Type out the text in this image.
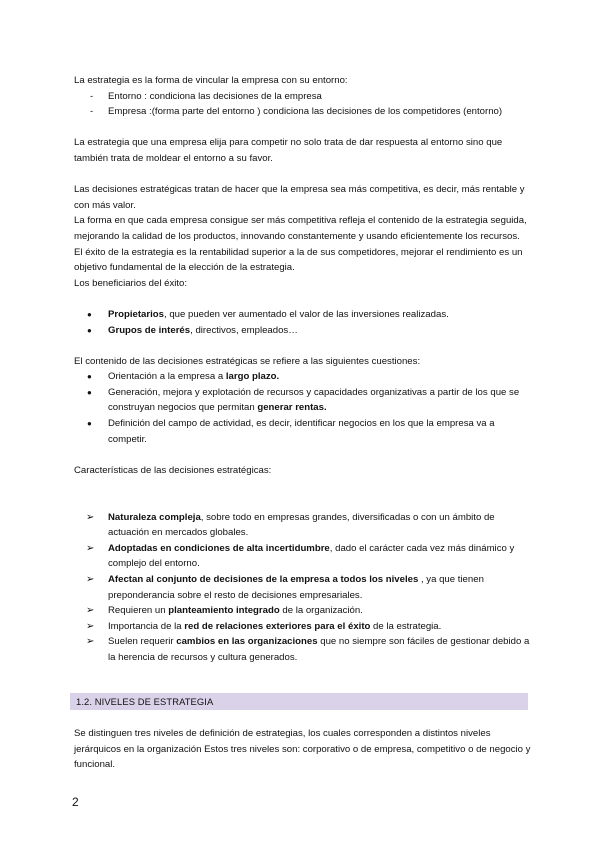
La estrategia es la forma de vincular la empresa con su entorno:

- Entorno : condiciona las decisiones de la empresa
- Empresa :(forma parte del entorno ) condiciona las decisiones de los competidores (entorno)

La estrategia que una empresa elija para competir no solo trata de dar respuesta al entorno sino que también trata de moldear el entorno a su favor.

Las decisiones estratégicas tratan de hacer que la empresa sea más competitiva, es decir, más rentable y con más valor.

La forma en que cada empresa consigue ser más competitiva refleja el contenido de la estrategia seguida, mejorando la calidad de los productos, innovando constantemente y usando eficientemente los recursos.

El éxito de la estrategia es la rentabilidad superior a la de sus competidores, mejorar el rendimiento es un objetivo fundamental de la elección de la estrategia.

Los beneficiarios del éxito:

● Propietarios, que pueden ver aumentado el valor de las inversiones realizadas.
● Grupos de interés, directivos, empleados…

El contenido de las decisiones estratégicas se refiere a las siguientes cuestiones:

● Orientación a la empresa a largo plazo.
● Generación, mejora y explotación de recursos y capacidades organizativas a partir de los que se construyan negocios que permitan generar rentas.
● Definición del campo de actividad, es decir, identificar negocios en los que la empresa va a competir.

Características de las decisiones estratégicas:

➢ Naturaleza compleja, sobre todo en empresas grandes, diversificadas o con un ámbito de actuación en mercados globales.
➢ Adoptadas en condiciones de alta incertidumbre, dado el carácter cada vez más dinámico y complejo del entorno.
➢ Afectan al conjunto de decisiones de la empresa a todos los niveles , ya que tienen preponderancia sobre el resto de decisiones empresariales.
➢ Requieren un planteamiento integrado de la organización.
➢ Importancia de la red de relaciones exteriores para el éxito de la estrategia.
➢ Suelen requerir cambios en las organizaciones que no siempre son fáciles de gestionar debido a la herencia de recursos y cultura generados.
1.2. NIVELES DE ESTRATEGIA

Se distinguen tres niveles de definición de estrategias, los cuales corresponden a distintos niveles jerárquicos en la organización Estos tres niveles son: corporativo o de empresa, competitivo o de negocio y funcional.

2
